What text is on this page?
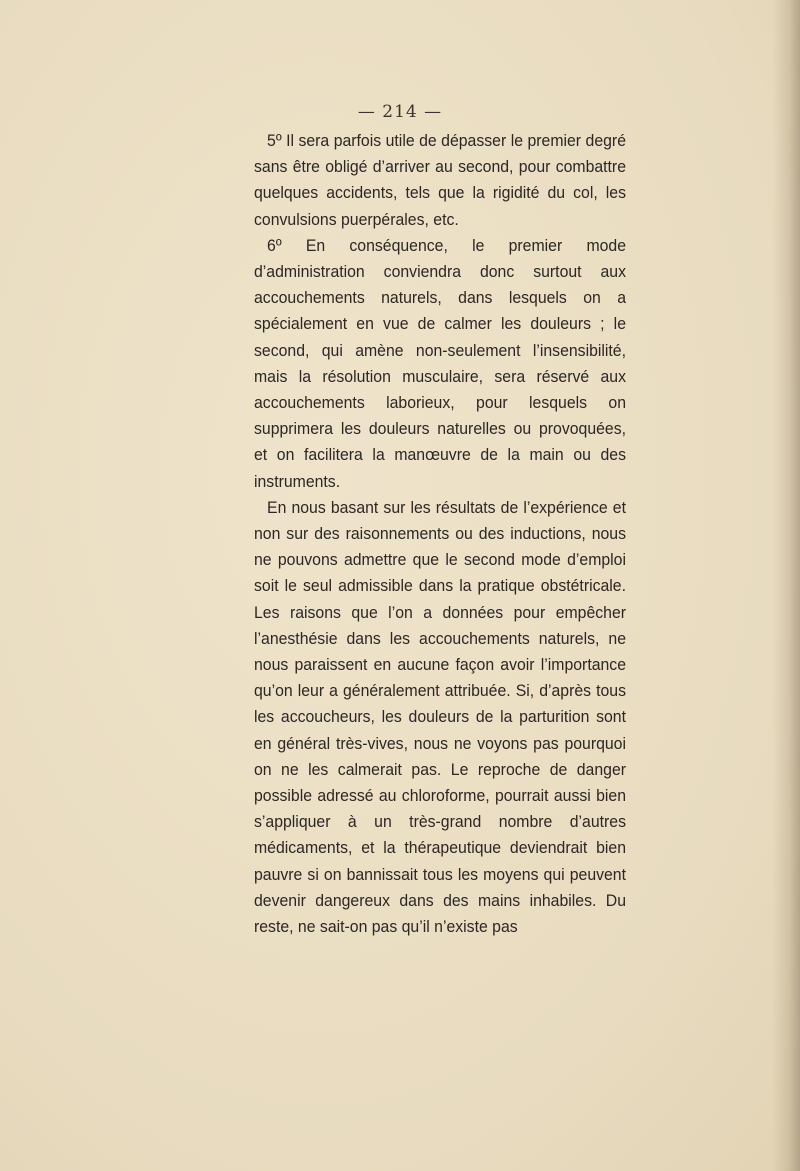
— 214 —

5º Il sera parfois utile de dépasser le premier degré sans être obligé d’arriver au second, pour combattre quelques accidents, tels que la rigidité du col, les convulsions puerpérales, etc.

6º En conséquence, le premier mode d’administration conviendra donc surtout aux accouchements naturels, dans lesquels on a spécialement en vue de calmer les douleurs ; le second, qui amène non-seulement l’insensibilité, mais la résolution musculaire, sera réservé aux accouchements laborieux, pour lesquels on supprimera les douleurs naturelles ou provoquées, et on facilitera la manœuvre de la main ou des instruments.

En nous basant sur les résultats de l’expérience et non sur des raisonnements ou des inductions, nous ne pouvons admettre que le second mode d’emploi soit le seul admissible dans la pratique obstétricale. Les raisons que l’on a données pour empêcher l’anesthésie dans les accouchements naturels, ne nous paraissent en aucune façon avoir l’importance qu’on leur a généralement attribuée. Si, d’après tous les accoucheurs, les douleurs de la parturition sont en général très-vives, nous ne voyons pas pourquoi on ne les calmerait pas. Le reproche de danger possible adressé au chloroforme, pourrait aussi bien s’appliquer à un très-grand nombre d’autres médicaments, et la thérapeutique deviendrait bien pauvre si on bannissait tous les moyens qui peuvent devenir dangereux dans des mains inhabiles. Du reste, ne sait-on pas qu’il n’existe pas
